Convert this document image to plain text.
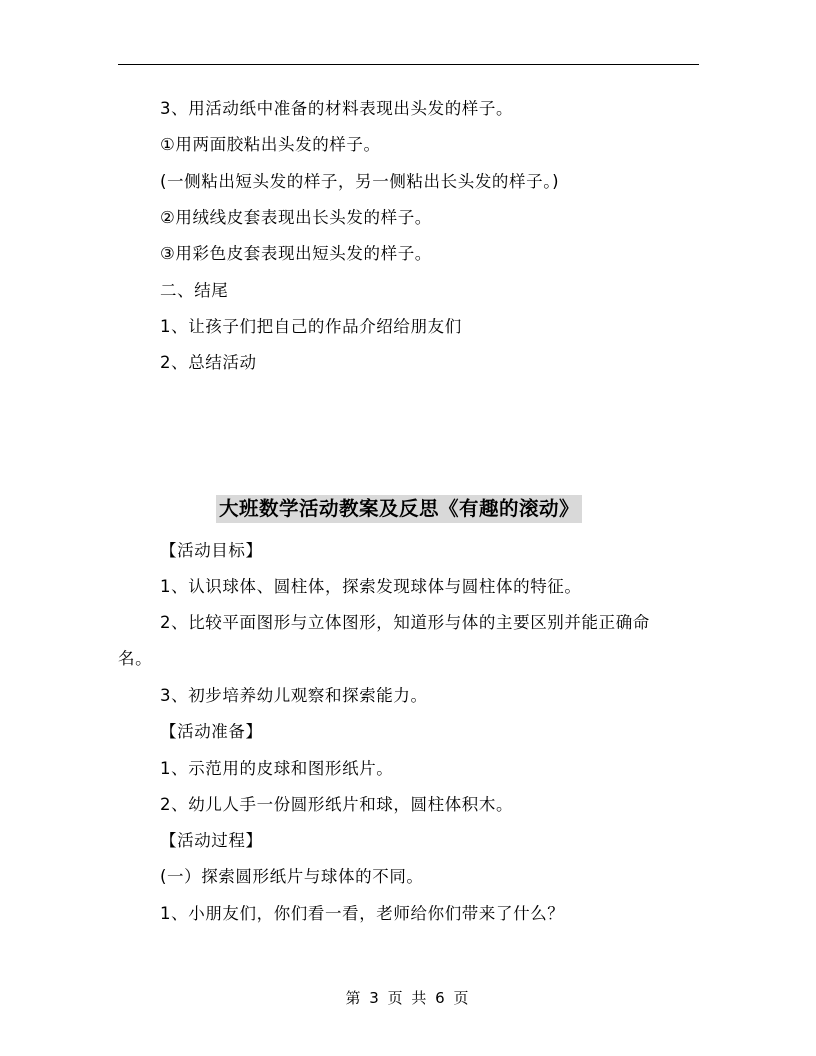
3、用活动纸中准备的材料表现出头发的样子。
①用两面胶粘出头发的样子。
(一侧粘出短头发的样子，另一侧粘出长头发的样子。)
②用绒线皮套表现出长头发的样子。
③用彩色皮套表现出短头发的样子。
二、结尾
1、让孩子们把自己的作品介绍给朋友们
2、总结活动
大班数学活动教案及反思《有趣的滚动》
【活动目标】
1、认识球体、圆柱体，探索发现球体与圆柱体的特征。
2、比较平面图形与立体图形，知道形与体的主要区别并能正确命
名。
3、初步培养幼儿观察和探索能力。
【活动准备】
1、示范用的皮球和图形纸片。
2、幼儿人手一份圆形纸片和球，圆柱体积木。
【活动过程】
(一）探索圆形纸片与球体的不同。
1、小朋友们，你们看一看，老师给你们带来了什么？
第 3 页 共 6 页
